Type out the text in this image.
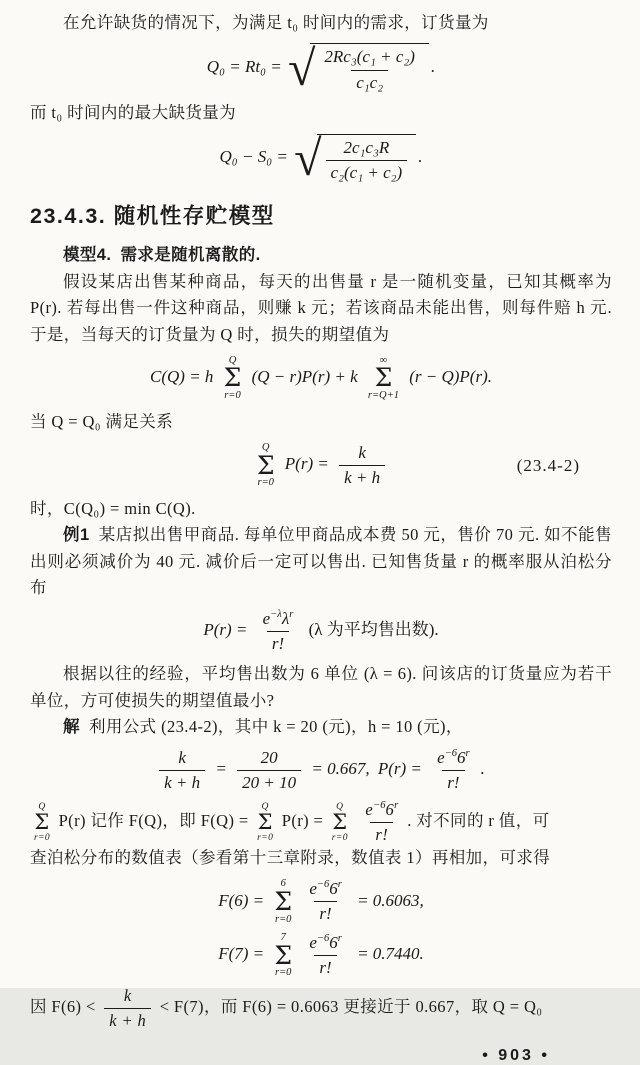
在允许缺货的情况下，为满足 t₀ 时间内的需求，订货量为

Q₀ = Rt₀ = √ $\frac{\text{2Rc₃(c₁ + c₂)}}{\text{c₁c₂}}$ .

而 t₀ 时间内的最大缺货量为

Q₀ − S₀ = √ $\frac{\text{2c₁c₃R}}{\text{c₂(c₁ + c₂)}}$ .
23.4.3. 随机性存贮模型

模型4. 需求是随机离散的.

假设某店出售某种商品，每天的出售量 r 是一随机变量，已知其概率为 P(r). 若每出售一件这种商品，则赚 k 元；若该商品未能出售，则每件赔 h 元. 于是，当每天的订货量为 Q 时，损失的期望值为

C(Q) = h
Q
Σ
r=0
(Q − r)P(r) + k
∞
Σ
r=Q+1
(r − Q)P(r).

当 Q = Q₀ 满足关系

Q
Σ
r=0
$P(r) = \frac{k}{k + h}$	(23.4-2)

时，C(Q₀) = min C(Q).

例1 某店拟出售甲商品. 每单位甲商品成本费 50 元，售价 70 元. 如不能售出则必须减价为 40 元. 减价后一定可以售出. 已知售货量 r 的概率服从泊松分布

$P(r) = \frac{e^{-\lambda}\lambda^r}{r!} (\lambda$ 为平均售出数).

根据以往的经验，平均售出数为 6 单位 (λ = 6). 问该店的订货量应为若干单位，方可使损失的期望值最小?

解 利用公式 (23.4-2)，其中 k = 20 (元)，h = 10 (元)，

$\frac{k}{k + h} = \frac{20}{20 + 10} = 0.667$, $P(r) = \frac{e^{-6}6^r}{r!}$ .

Q
Σ
r=0
P(r) 记作 F(Q)，即 F(Q) =
Q
Σ
r=0
P(r) =
Q
Σ
r=0
$\frac{e^{-6}6^r}{r!}$ . 对不同的 r 值，可

查泊松分布的数值表（参看第十三章附录，数值表 1）再相加，可求得

F(6) =
6
Σ
r=0
$\frac{e^{-6}6^r}{r!} = 0.6063$,
F(7) =
7
Σ
r=0
$\frac{e^{-6}6^r}{r!} = 0.7440$.

因 $F(6) < \frac{k}{k + h} < F(7)$，而 F(6) = 0.6063 更接近于 0.667，取 Q = Q₀

• 903 •
